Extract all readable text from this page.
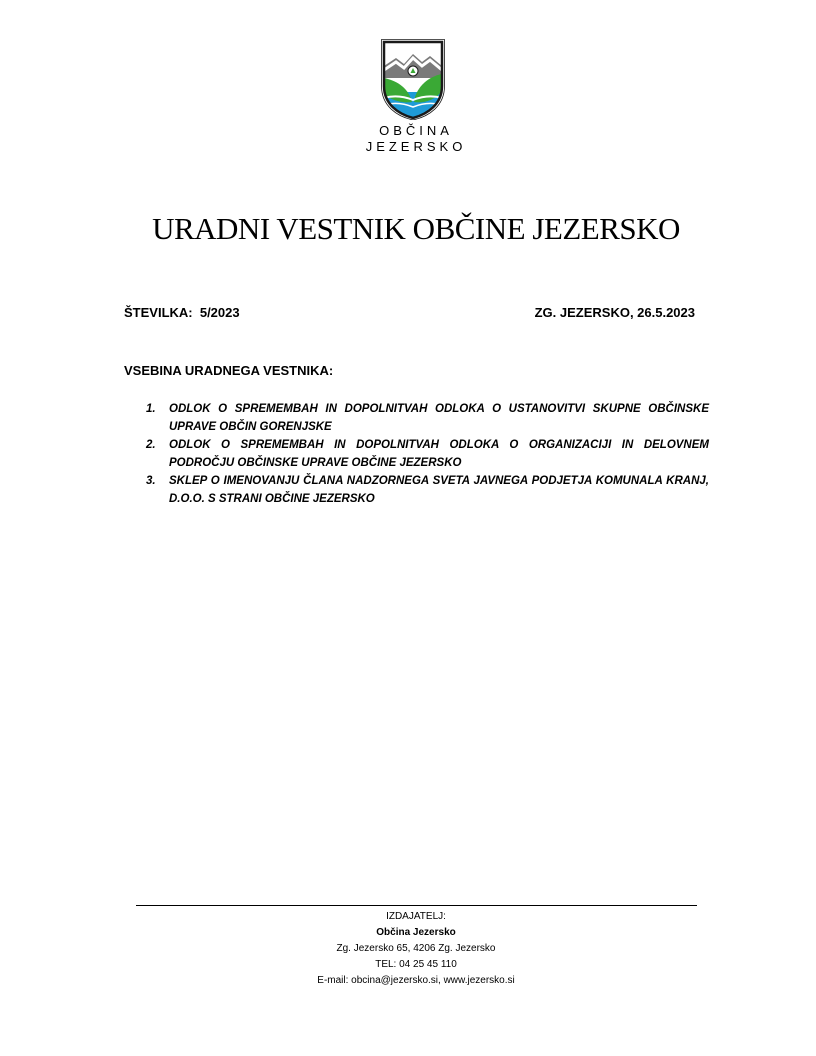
OBČINA
JEZERSKO
URADNI VESTNIK OBČINE JEZERSKO
ŠTEVILKA:  5/2023	ZG. JEZERSKO, 26.5.2023
VSEBINA URADNEGA VESTNIKA:
1. ODLOK O SPREMEMBAH IN DOPOLNITVAH ODLOKA O USTANOVITVI SKUPNE OBČINSKE UPRAVE OBČIN GORENJSKE
2. ODLOK O SPREMEMBAH IN DOPOLNITVAH ODLOKA O ORGANIZACIJI IN DELOVNEM PODROČJU OBČINSKE UPRAVE OBČINE JEZERSKO
3. SKLEP O IMENOVANJU ČLANA NADZORNEGA SVETA JAVNEGA PODJETJA KOMUNALA KRANJ, D.O.O. S STRANI OBČINE JEZERSKO
IZDAJATELJ:
Občina Jezersko
Zg. Jezersko 65, 4206 Zg. Jezersko
TEL: 04 25 45 110
E-mail: obcina@jezersko.si, www.jezersko.si
